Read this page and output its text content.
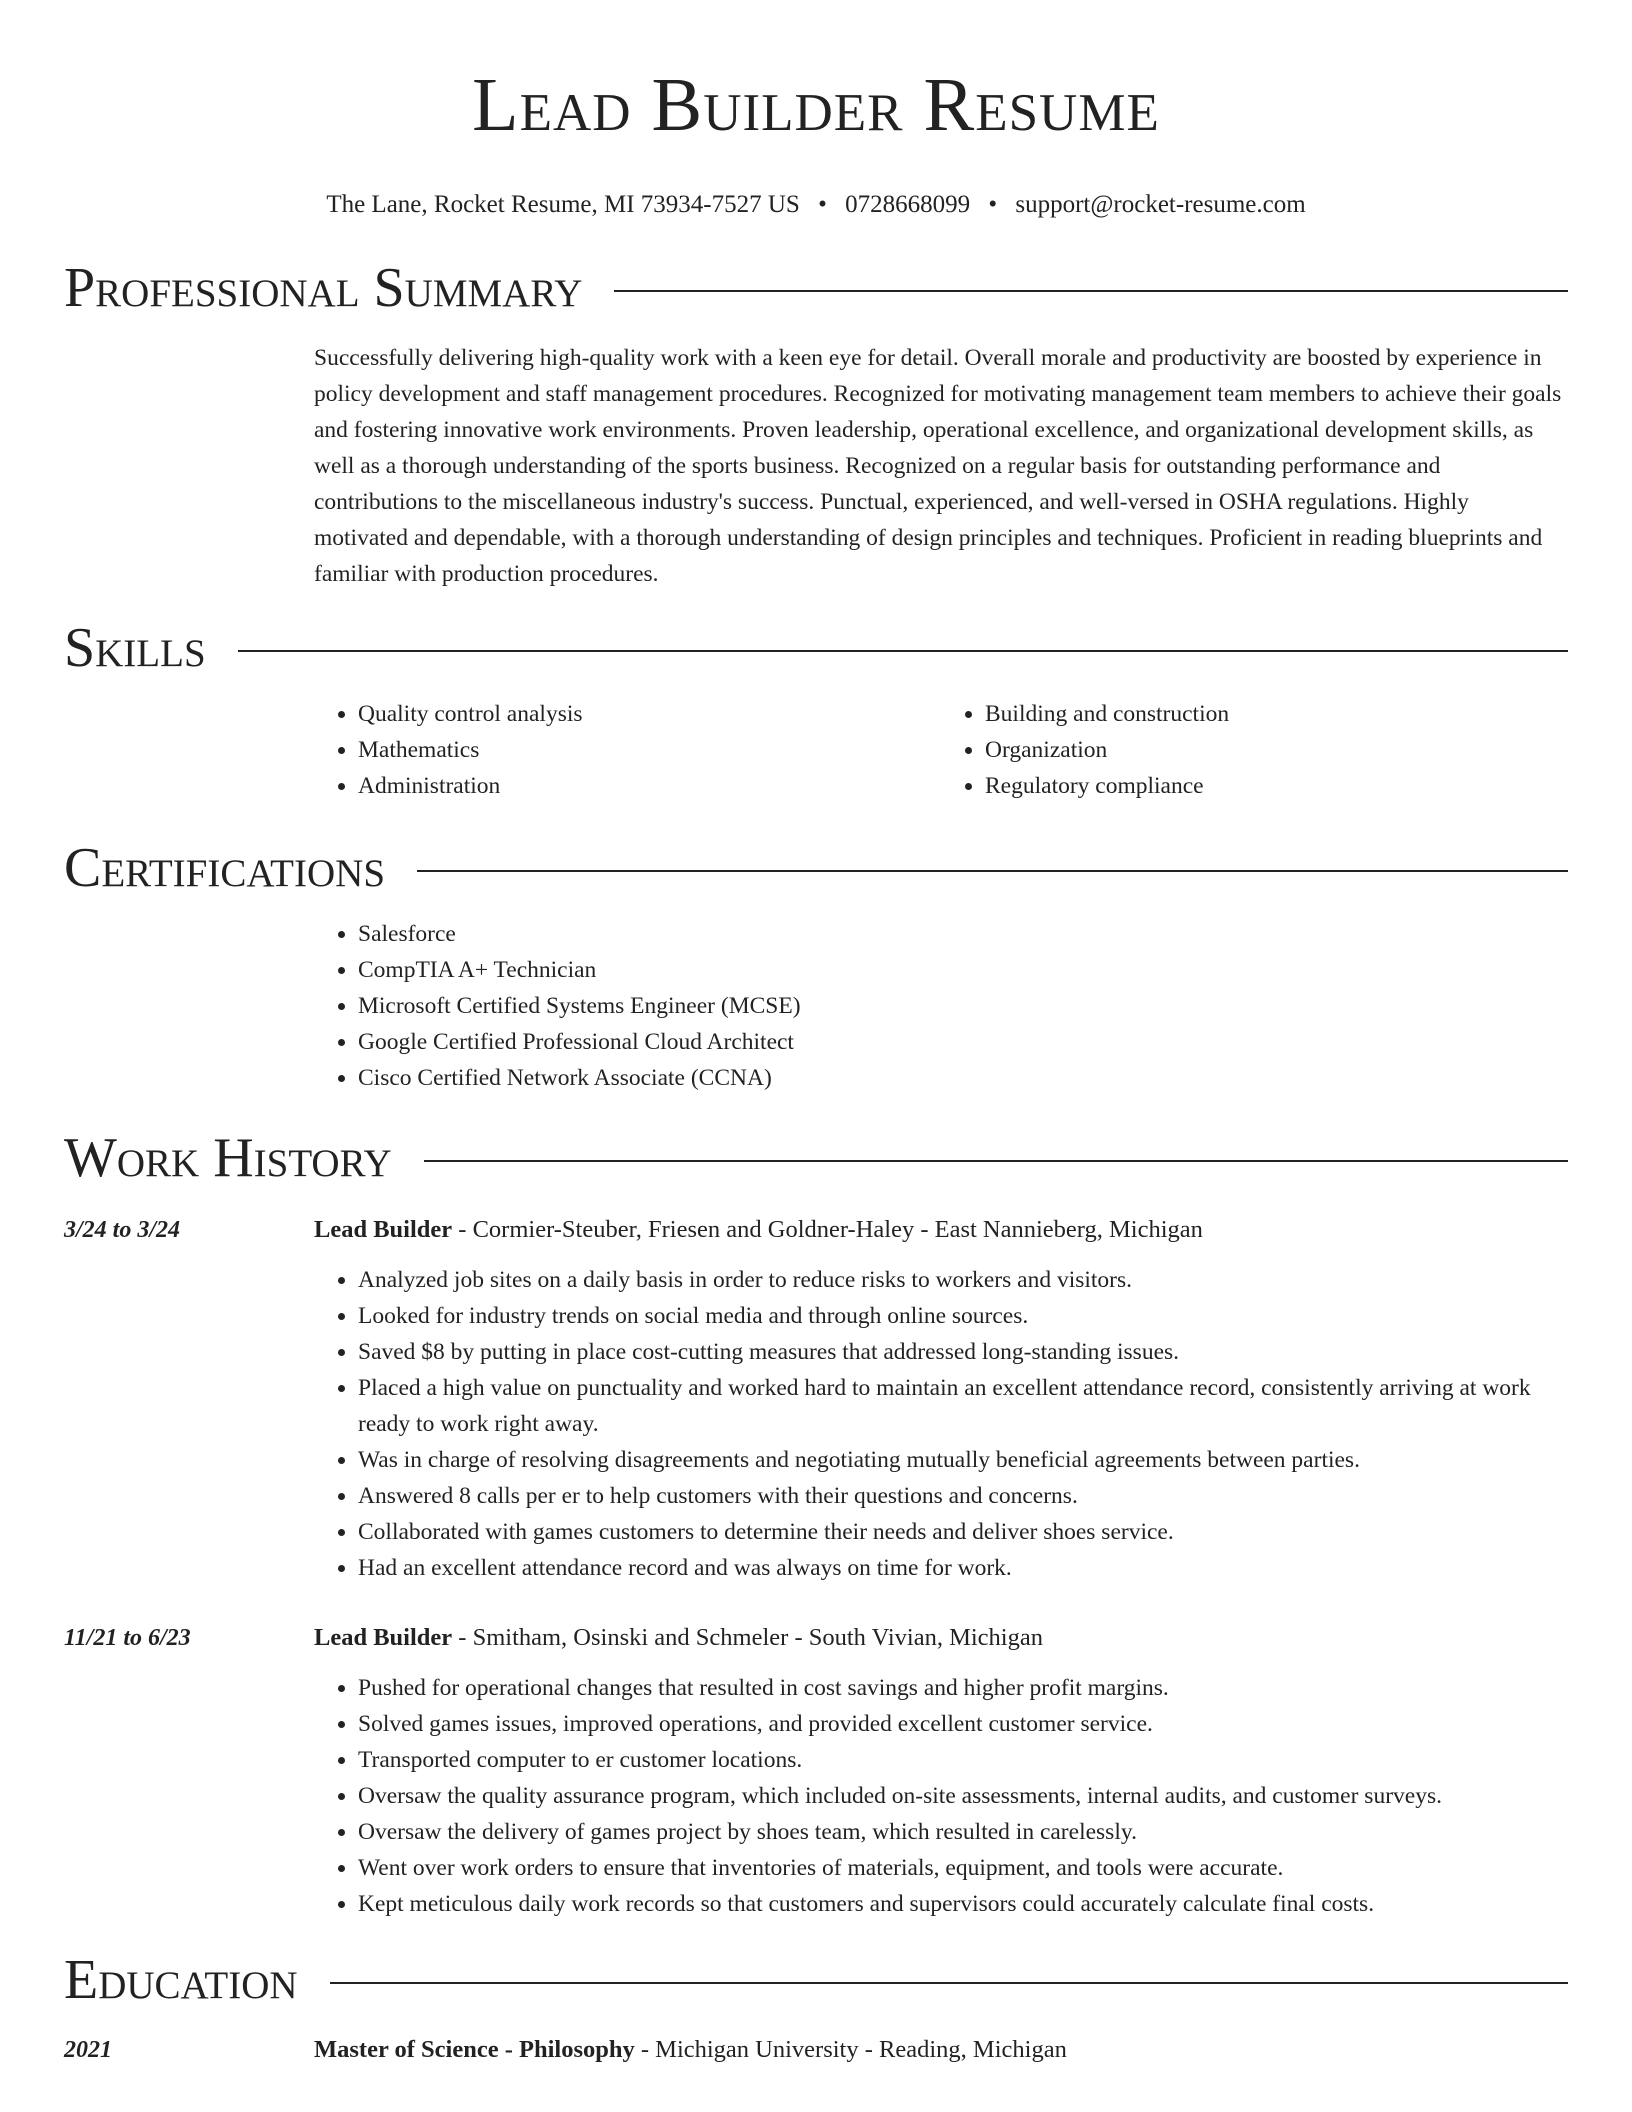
Lead Builder Resume
The Lane, Rocket Resume, MI 73934-7527 US • 0728668099 • support@rocket-resume.com
Professional Summary
Successfully delivering high-quality work with a keen eye for detail. Overall morale and productivity are boosted by experience in policy development and staff management procedures. Recognized for motivating management team members to achieve their goals and fostering innovative work environments. Proven leadership, operational excellence, and organizational development skills, as well as a thorough understanding of the sports business. Recognized on a regular basis for outstanding performance and contributions to the miscellaneous industry's success. Punctual, experienced, and well-versed in OSHA regulations. Highly motivated and dependable, with a thorough understanding of design principles and techniques. Proficient in reading blueprints and familiar with production procedures.
Skills
• Quality control analysis
• Mathematics
• Administration
• Building and construction
• Organization
• Regulatory compliance
Certifications
• Salesforce
• CompTIA A+ Technician
• Microsoft Certified Systems Engineer (MCSE)
• Google Certified Professional Cloud Architect
• Cisco Certified Network Associate (CCNA)
Work History
3/24 to 3/24	Lead Builder - Cormier-Steuber, Friesen and Goldner-Haley - East Nannieberg, Michigan
• Analyzed job sites on a daily basis in order to reduce risks to workers and visitors.
• Looked for industry trends on social media and through online sources.
• Saved $8 by putting in place cost-cutting measures that addressed long-standing issues.
• Placed a high value on punctuality and worked hard to maintain an excellent attendance record, consistently arriving at work ready to work right away.
• Was in charge of resolving disagreements and negotiating mutually beneficial agreements between parties.
• Answered 8 calls per er to help customers with their questions and concerns.
• Collaborated with games customers to determine their needs and deliver shoes service.
• Had an excellent attendance record and was always on time for work.
11/21 to 6/23	Lead Builder - Smitham, Osinski and Schmeler - South Vivian, Michigan
• Pushed for operational changes that resulted in cost savings and higher profit margins.
• Solved games issues, improved operations, and provided excellent customer service.
• Transported computer to er customer locations.
• Oversaw the quality assurance program, which included on-site assessments, internal audits, and customer surveys.
• Oversaw the delivery of games project by shoes team, which resulted in carelessly.
• Went over work orders to ensure that inventories of materials, equipment, and tools were accurate.
• Kept meticulous daily work records so that customers and supervisors could accurately calculate final costs.
Education
2021	Master of Science - Philosophy - Michigan University - Reading, Michigan
